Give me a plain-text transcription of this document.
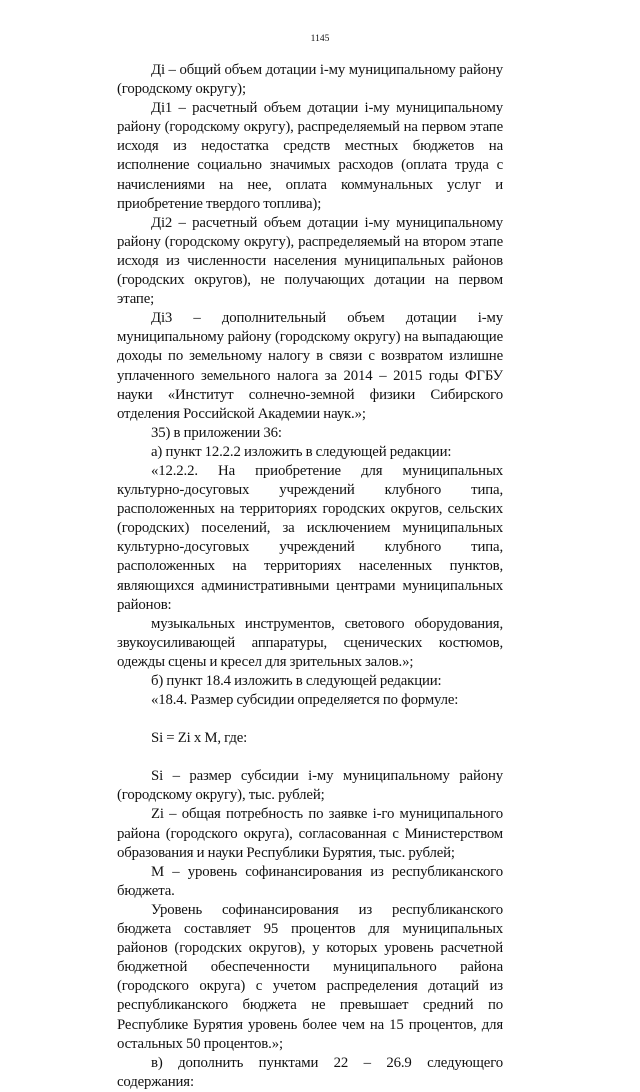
1145

Дi – общий объем дотации i-му муниципальному району (городскому округу);

Дi1 – расчетный объем дотации i-му муниципальному району (городскому округу), распределяемый на первом этапе исходя из недостатка средств местных бюджетов на исполнение социально значимых расходов (оплата труда с начислениями на нее, оплата коммунальных услуг и приобретение твердого топлива);

Дi2 – расчетный объем дотации i-му муниципальному району (городскому округу), распределяемый на втором этапе исходя из численности населения муниципальных районов (городских округов), не получающих дотации на первом этапе;

Дi3 – дополнительный объем дотации i-му муниципальному району (городскому округу) на выпадающие доходы по земельному налогу в связи с возвратом излишне уплаченного земельного налога за 2014 – 2015 годы ФГБУ науки «Институт солнечно-земной физики Сибирского отделения Российской Академии наук.»;

35) в приложении 36:

а) пункт 12.2.2 изложить в следующей редакции:

«12.2.2. На приобретение для муниципальных культурно-досуговых учреждений клубного типа, расположенных на территориях городских округов, сельских (городских) поселений, за исключением муниципальных культурно-досуговых учреждений клубного типа, расположенных на территориях населенных пунктов, являющихся административными центрами муниципальных районов:

музыкальных инструментов, светового оборудования, звукоусиливающей аппаратуры, сценических костюмов, одежды сцены и кресел для зрительных залов.»;

б) пункт 18.4 изложить в следующей редакции:

«18.4. Размер субсидии определяется по формуле:

Si = Zi x M, где:

Si – размер субсидии i-му муниципальному району (городскому округу), тыс. рублей;

Zi – общая потребность по заявке i-го муниципального района (городского округа), согласованная с Министерством образования и науки Республики Бурятия, тыс. рублей;

M – уровень софинансирования из республиканского бюджета.

Уровень софинансирования из республиканского бюджета составляет 95 процентов для муниципальных районов (городских округов), у которых уровень расчетной бюджетной обеспеченности муниципального района (городского округа) с учетом распределения дотаций из республиканского бюджета не превышает средний по Республике Бурятия уровень более чем на 15 процентов, для остальных 50 процентов.»;

в) дополнить пунктами 22 – 26.9 следующего содержания:
